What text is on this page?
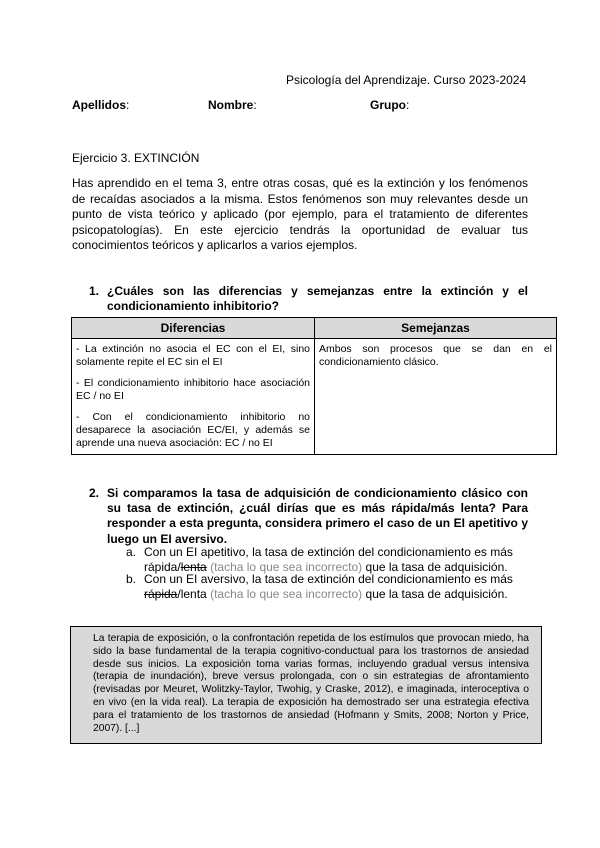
Psicología del Aprendizaje. Curso 2023-2024
Apellidos:	Nombre:	Grupo:
Ejercicio 3. EXTINCIÓN
Has aprendido en el tema 3, entre otras cosas, qué es la extinción y los fenómenos de recaídas asociados a la misma. Estos fenómenos son muy relevantes desde un punto de vista teórico y aplicado (por ejemplo, para el tratamiento de diferentes psicopatologías). En este ejercicio tendrás la oportunidad de evaluar tus conocimientos teóricos y aplicarlos a varios ejemplos.
1. ¿Cuáles son las diferencias y semejanzas entre la extinción y el condicionamiento inhibitorio?
Diferencias	Semejanzas

- La extinción no asocia el EC con el EI, sino solamente repite el EC sin el EI

- El condicionamiento inhibitorio hace asociación EC / no EI

- Con el condicionamiento inhibitorio no desaparece la asociación EC/EI, y además se aprende una nueva asociación: EC / no EI	Ambos son procesos que se dan en el condicionamiento clásico.

2. Si comparamos la tasa de adquisición de condicionamiento clásico con su tasa de extinción, ¿cuál dirías que es más rápida/más lenta? Para responder a esta pregunta, considera primero el caso de un EI apetitivo y luego un EI aversivo.
a. Con un EI apetitivo, la tasa de extinción del condicionamiento es más rápida/lenta (tacha lo que sea incorrecto) que la tasa de adquisición.
b. Con un EI aversivo, la tasa de extinción del condicionamiento es más rápida/lenta (tacha lo que sea incorrecto) que la tasa de adquisición.

La terapia de exposición, o la confrontación repetida de los estímulos que provocan miedo, ha sido la base fundamental de la terapia cognitivo-conductual para los trastornos de ansiedad desde sus inicios. La exposición toma varias formas, incluyendo gradual versus intensiva (terapia de inundación), breve versus prolongada, con o sin estrategias de afrontamiento (revisadas por Meuret, Wolitzky-Taylor, Twohig, y Craske, 2012), e imaginada, interoceptiva o en vivo (en la vida real). La terapia de exposición ha demostrado ser una estrategia efectiva para el tratamiento de los trastornos de ansiedad (Hofmann y Smits, 2008; Norton y Price, 2007). [...]
